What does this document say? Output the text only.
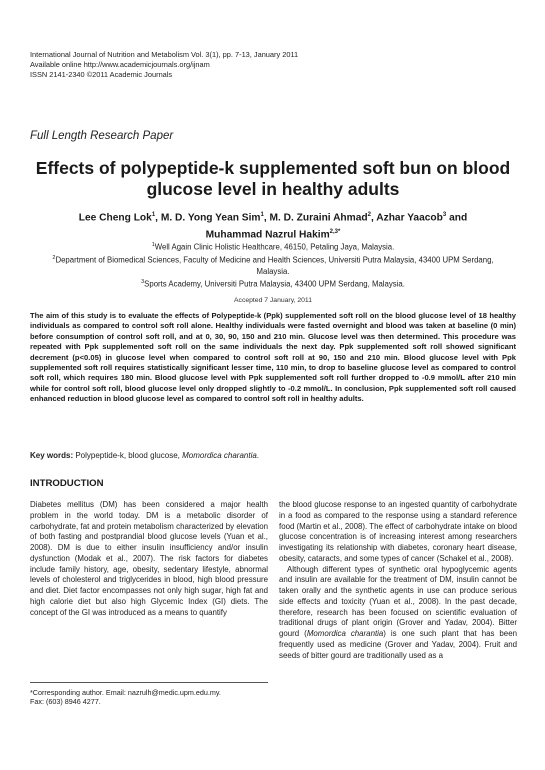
International Journal of Nutrition and Metabolism Vol. 3(1), pp. 7-13, January 2011
Available online http://www.academicjournals.org/ijnam
ISSN 2141-2340 ©2011 Academic Journals
Full Length Research Paper
Effects of polypeptide-k supplemented soft bun on blood glucose level in healthy adults
Lee Cheng Lok$^1$, M. D. Yong Yean Sim$^1$, M. D. Zuraini Ahmad$^2$, Azhar Yaacob$^3$ and
Muhammad Nazrul Hakim$^{2,3*}$
$^1$Well Again Clinic Holistic Healthcare, 46150, Petaling Jaya, Malaysia.
$^2$Department of Biomedical Sciences, Faculty of Medicine and Health Sciences, Universiti Putra Malaysia, 43400 UPM Serdang, Malaysia.
$^3$Sports Academy, Universiti Putra Malaysia, 43400 UPM Serdang, Malaysia.
Accepted 7 January, 2011
The aim of this study is to evaluate the effects of Polypeptide-k (Ppk) supplemented soft roll on the blood glucose level of 18 healthy individuals as compared to control soft roll alone. Healthy individuals were fasted overnight and blood was taken at baseline (0 min) before consumption of control soft roll, and at 0, 30, 90, 150 and 210 min. Glucose level was then determined. This procedure was repeated with Ppk supplemented soft roll on the same individuals the next day. Ppk supplemented soft roll showed significant decrement (p<0.05) in glucose level when compared to control soft roll at 90, 150 and 210 min. Blood glucose level with Ppk supplemented soft roll requires statistically significant lesser time, 110 min, to drop to baseline glucose level as compared to control soft roll, which requires 180 min. Blood glucose level with Ppk supplemented soft roll further dropped to -0.9 mmol/L after 210 min while for control soft roll, blood glucose level only dropped slightly to -0.2 mmol/L. In conclusion, Ppk supplemented soft roll caused enhanced reduction in blood glucose level as compared to control soft roll in healthy adults.
Key words: Polypeptide-k, blood glucose, Momordica charantia.
INTRODUCTION

Diabetes mellitus (DM) has been considered a major health problem in the world today. DM is a metabolic disorder of carbohydrate, fat and protein metabolism characterized by elevation of both fasting and postprandial blood glucose levels (Yuan et al., 2008). DM is due to either insulin insufficiency and/or insulin dysfunction (Modak et al., 2007). The risk factors for diabetes include family history, age, obesity, sedentary lifestyle, abnormal levels of cholesterol and triglycerides in blood, high blood pressure and diet. Diet factor encompasses not only high sugar, high fat and high calorie diet but also high Glycemic Index (GI) diets. The concept of the GI was introduced as a means to quantify

the blood glucose response to an ingested quantity of carbohydrate in a food as compared to the response using a standard reference food (Martin et al., 2008). The effect of carbohydrate intake on blood glucose concentration is of increasing interest among researchers investigating its relationship with diabetes, coronary heart disease, obesity, cataracts, and some types of cancer (Schakel et al., 2008).

Although different types of synthetic oral hypoglycemic agents and insulin are available for the treatment of DM, insulin cannot be taken orally and the synthetic agents in use can produce serious side effects and toxicity (Yuan et al., 2008). In the past decade, therefore, research has been focused on scientific evaluation of traditional drugs of plant origin (Grover and Yadav, 2004). Bitter gourd (Momordica charantia) is one such plant that has been frequently used as medicine (Grover and Yadav, 2004). Fruit and seeds of bitter gourd are traditionally used as a

*Corresponding author. Email: nazrulh@medic.upm.edu.my.
Fax: (603) 8946 4277.
